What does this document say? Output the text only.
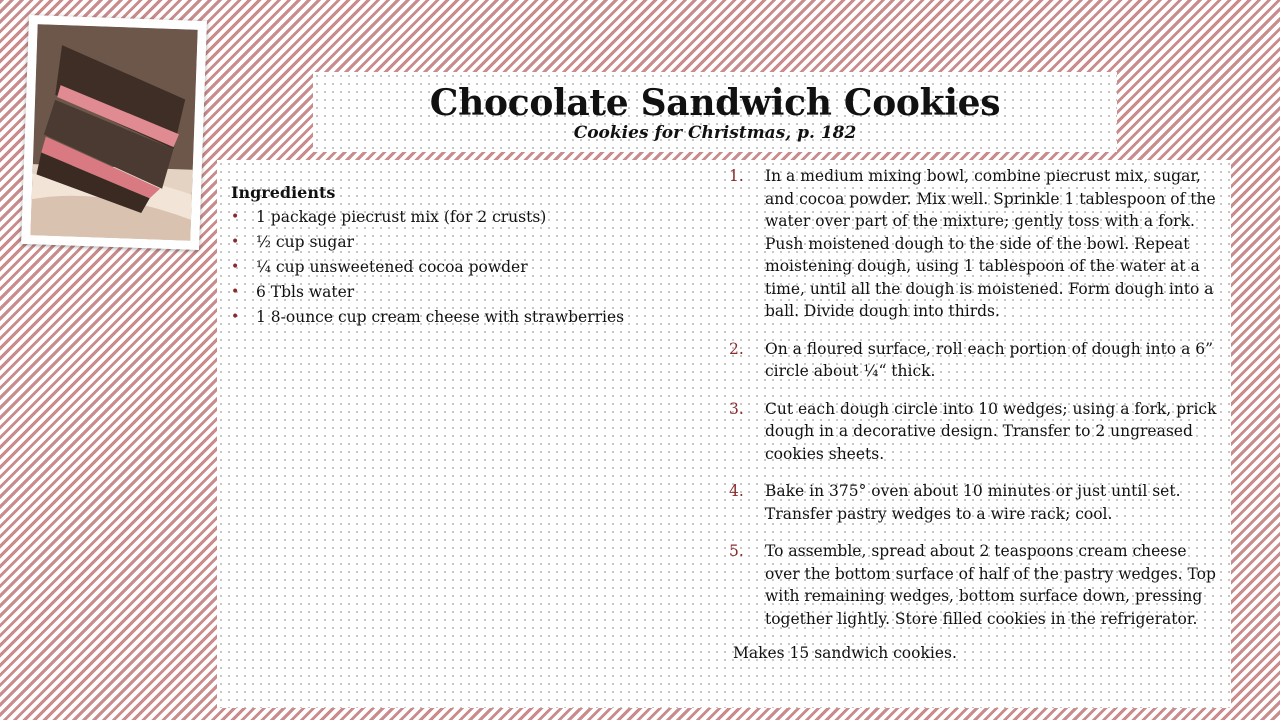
Chocolate Sandwich Cookies
Cookies for Christmas, p. 182
Ingredients
• 1 package piecrust mix (for 2 crusts)
• ½ cup sugar
• ¼ cup unsweetened cocoa powder
• 6 Tbls water
• 1 8-ounce cup cream cheese with strawberries
1. In a medium mixing bowl, combine piecrust mix, sugar, and cocoa powder. Mix well. Sprinkle 1 tablespoon of the water over part of the mixture; gently toss with a fork. Push moistened dough to the side of the bowl. Repeat moistening dough, using 1 tablespoon of the water at a time, until all the dough is moistened. Form dough into a ball. Divide dough into thirds.
2. On a floured surface, roll each portion of dough into a 6” circle about ¼“ thick.
3. Cut each dough circle into 10 wedges; using a fork, prick dough in a decorative design. Transfer to 2 ungreased cookies sheets.
4. Bake in 375° oven about 10 minutes or just until set. Transfer pastry wedges to a wire rack; cool.
5. To assemble, spread about 2 teaspoons cream cheese over the bottom surface of half of the pastry wedges. Top with remaining wedges, bottom surface down, pressing together lightly. Store filled cookies in the refrigerator.
Makes 15 sandwich cookies.
